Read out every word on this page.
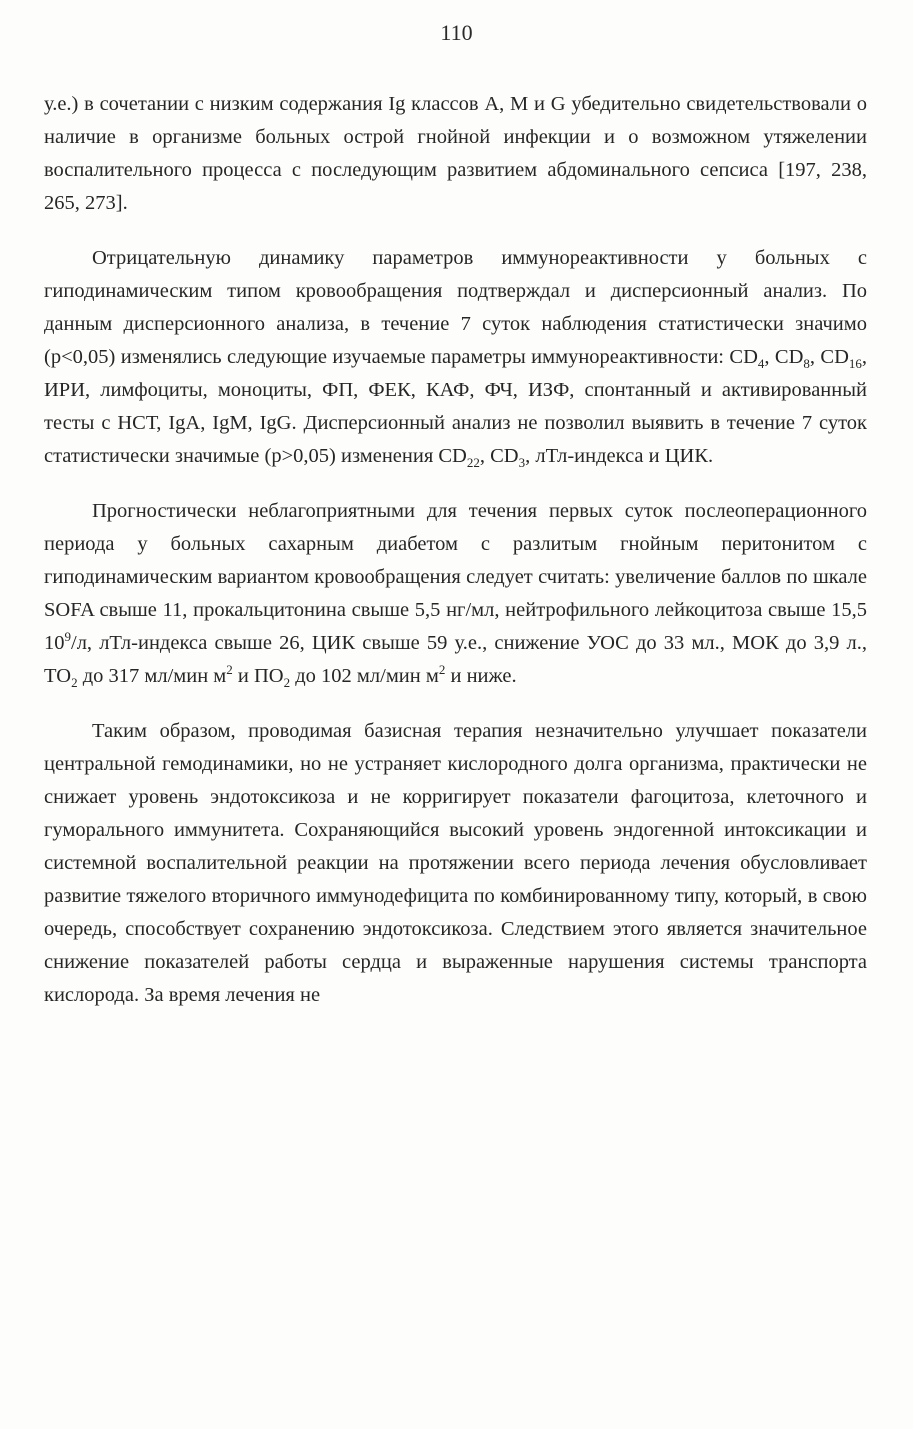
110

у.е.) в сочетании с низким содержания Ig классов А, М и G убедительно свидетельствовали о наличие в организме больных острой гнойной инфекции и о возможном утяжелении воспалительного процесса с последующим развитием абдоминального сепсиса [197, 238, 265, 273].

Отрицательную динамику параметров иммунореактивности у больных с гиподинамическим типом кровообращения подтверждал и дисперсионный анализ. По данным дисперсионного анализа, в течение 7 суток наблюдения статистически значимо (p<0,05) изменялись следующие изучаемые параметры иммунореактивности: $CD_4$, $CD_8$, $CD_{16}$, ИРИ, лимфоциты, моноциты, ФП, ФЕК, КАФ, ФЧ, ИЗФ, спонтанный и активированный тесты с НСТ, IgA, IgM, IgG. Дисперсионный анализ не позволил выявить в течение 7 суток статистически значимые (p>0,05) изменения $CD_{22}$, $CD_3$, лТл-индекса и ЦИК.

Прогностически неблагоприятными для течения первых суток послеоперационного периода у больных сахарным диабетом с разлитым гнойным перитонитом с гиподинамическим вариантом кровообращения следует считать: увеличение баллов по шкале SOFA свыше 11, прокальцитонина свыше 5,5 нг/мл, нейтрофильного лейкоцитоза свыше 15,5 $10^9/л$, лТл-индекса свыше 26, ЦИК свыше 59 у.е., снижение УОС до 33 мл., МОК до 3,9 л., $ТО_2$ до 317 мл/мин $м^2$ и $ПО_2$ до 102 мл/мин $м^2$ и ниже.

Таким образом, проводимая базисная терапия незначительно улучшает показатели центральной гемодинамики, но не устраняет кислородного долга организма, практически не снижает уровень эндотоксикоза и не корригирует показатели фагоцитоза, клеточного и гуморального иммунитета. Сохраняющийся высокий уровень эндогенной интоксикации и системной воспалительной реакции на протяжении всего периода лечения обусловливает развитие тяжелого вторичного иммунодефицита по комбинированному типу, который, в свою очередь, способствует сохранению эндотоксикоза. Следствием этого является значительное снижение показателей работы сердца и выраженные нарушения системы транспорта кислорода. За время лечения не
